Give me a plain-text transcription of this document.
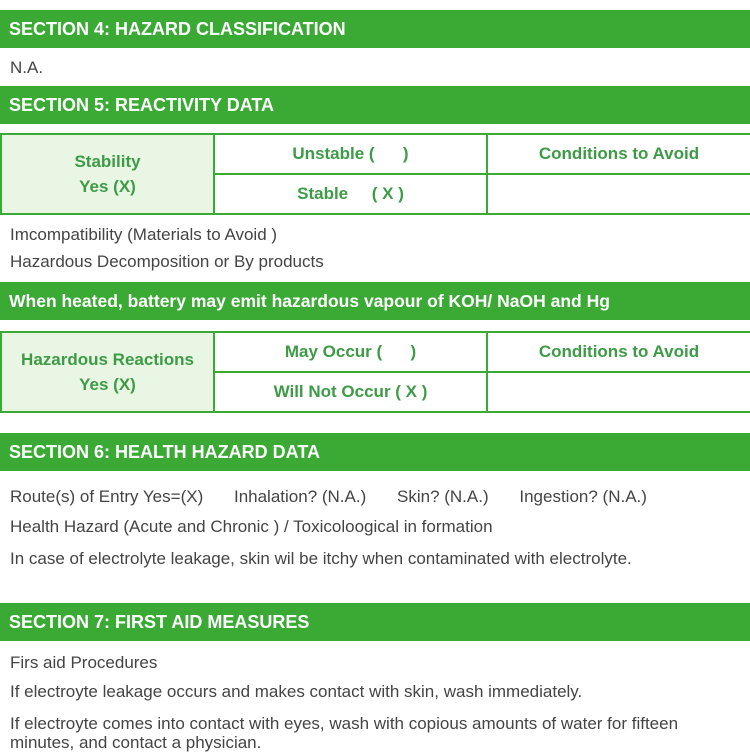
SECTION 4: HAZARD CLASSIFICATION
N.A.
SECTION 5: REACTIVITY DATA
Stability
Yes (X)	Unstable (      )	Conditions to Avoid
	Stable     ( X )	
Imcompatibility (Materials to Avoid )
Hazardous Decomposition or By products
When heated, battery may emit hazardous vapour of KOH/ NaOH and Hg
Hazardous Reactions
Yes (X)	May Occur (      )	Conditions to Avoid
	Will Not Occur ( X )	
SECTION 6: HEALTH HAZARD DATA
Route(s) of Entry Yes=(X) Inhalation? (N.A.) Skin? (N.A.) Ingestion? (N.A.)
Health Hazard (Acute and Chronic ) / Toxicoloogical in formation
In case of electrolyte leakage, skin wil be itchy when contaminated with electrolyte.
SECTION 7: FIRST AID MEASURES
Firs aid Procedures
If electroyte leakage occurs and makes contact with skin, wash immediately.
If electroyte comes into contact with eyes, wash with copious amounts of water for fifteen minutes, and contact a physician.
